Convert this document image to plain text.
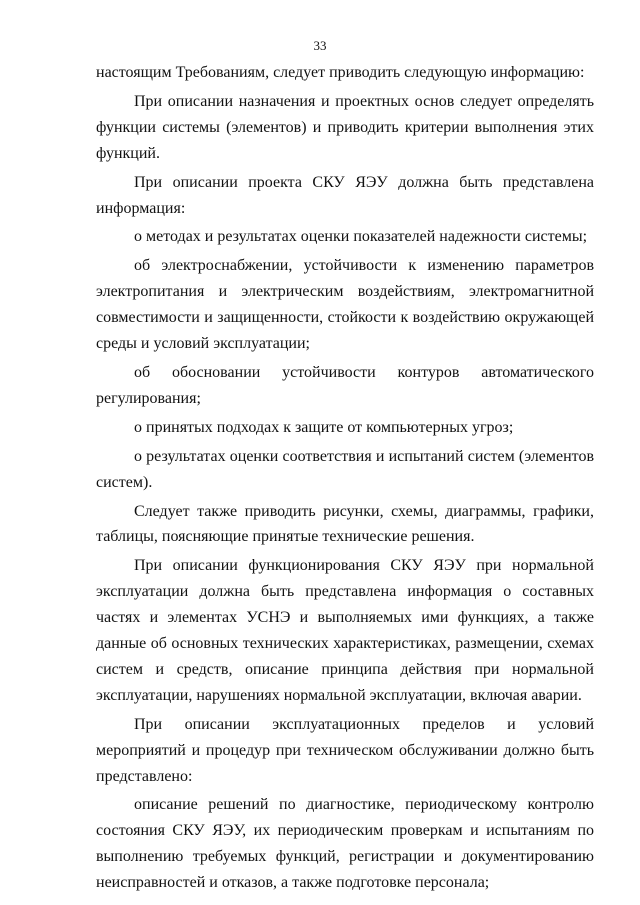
33

настоящим Требованиям, следует приводить следующую информацию:

При описании назначения и проектных основ следует определять функции системы (элементов) и приводить критерии выполнения этих функций.

При описании проекта СКУ ЯЭУ должна быть представлена информация:

о методах и результатах оценки показателей надежности системы;

об электроснабжении, устойчивости к изменению параметров электропитания и электрическим воздействиям, электромагнитной совместимости и защищенности, стойкости к воздействию окружающей среды и условий эксплуатации;

об обосновании устойчивости контуров автоматического регулирования;

о принятых подходах к защите от компьютерных угроз;

о результатах оценки соответствия и испытаний систем (элементов систем).

Следует также приводить рисунки, схемы, диаграммы, графики, таблицы, поясняющие принятые технические решения.

При описании функционирования СКУ ЯЭУ при нормальной эксплуатации должна быть представлена информация о составных частях и элементах УСНЭ и выполняемых ими функциях, а также данные об основных технических характеристиках, размещении, схемах систем и средств, описание принципа действия при нормальной эксплуатации, нарушениях нормальной эксплуатации, включая аварии.

При описании эксплуатационных пределов и условий мероприятий и процедур при техническом обслуживании должно быть представлено:

описание решений по диагностике, периодическому контролю состояния СКУ ЯЭУ, их периодическим проверкам и испытаниям по выполнению требуемых функций, регистрации и документированию неисправностей и отказов, а также подготовке персонала;
